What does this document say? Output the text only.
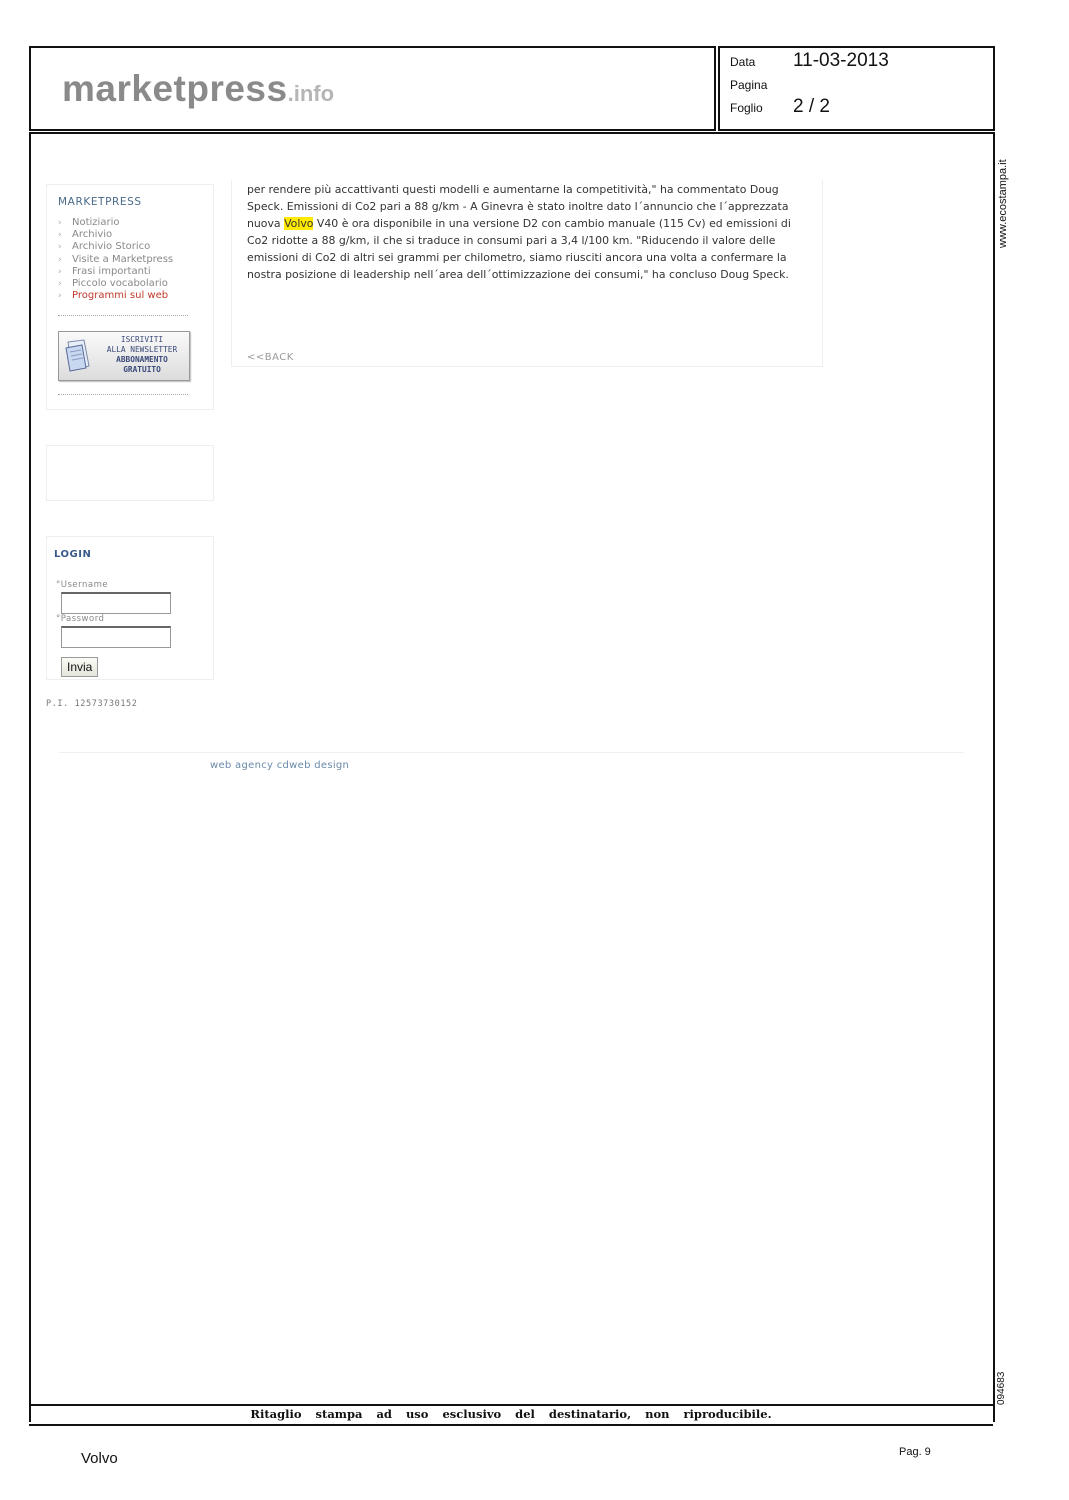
marketpress.info
Data 11-03-2013
Pagina
Foglio 2 / 2
MARKETPRESS
› Notiziario
› Archivio
› Archivio Storico
› Visite a Marketpress
› Frasi importanti
› Piccolo vocabolario
› Programmi sul web
ISCRIVITI
ALLA NEWSLETTER
ABBONAMENTO
GRATUITO
LOGIN
°Username
°Password
Invia
P.I. 12573730152
per rendere più accattivanti questi modelli e aumentarne la competitività," ha commentato Doug Speck. Emissioni di Co2 pari a 88 g/km - A Ginevra è stato inoltre dato l´annuncio che l´apprezzata nuova Volvo V40 è ora disponibile in una versione D2 con cambio manuale (115 Cv) ed emissioni di Co2 ridotte a 88 g/km, il che si traduce in consumi pari a 3,4 l/100 km. "Riducendo il valore delle emissioni di Co2 di altri sei grammi per chilometro, siamo riusciti ancora una volta a confermare la nostra posizione di leadership nell´area dell´ottimizzazione dei consumi," ha concluso Doug Speck.
<<BACK
web agency cdweb design
www.ecostampa.it
094683
Ritaglio stampa ad uso esclusivo del destinatario, non riproducibile.
Volvo	Pag. 9
